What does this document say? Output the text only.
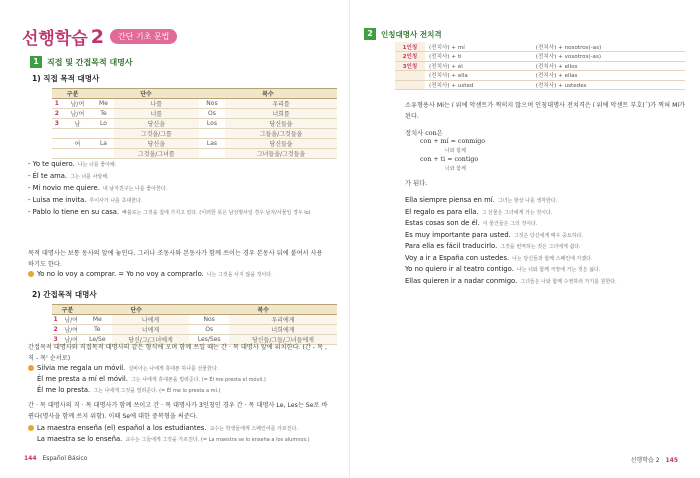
선행학습 2	간단 기초 문법
1	직접 및 간접목적 대명사
1) 직접 목적 대명사
구분		단수		복수	
1	남/여	Me	나를	Nos	우리를
2	남/여	Te	너를	Os	너희를
3	남	Lo	당신을	Los	당신들을
			그것을/그를		그들을/그것들을
	여	La	당신을	Las	당신들을
			그것을/그녀를		그녀들을/그것들을
- Yo te quiero. 나는 너를 좋아해.
- Él te ama. 그는 너를 사랑해.
- Mi novio me quiere. 내 남자친구는 나를 좋아한다.
- Luisa me invita. 루이사가 나를 초대한다.
- Pablo lo tiene en su casa. 빠블로는 그것을 집에 가지고 있다. (이러한 뜻은 남성명사일 경우 남자/사물일 경우 lo)
목적 대명사는 보통 동사의 앞에 놓인다. 그러나 조동사와 본동사가 함께 쓰이는 경우 본동사 뒤에 붙여서 사용하기도 한다.
Yo no lo voy a comprar. = Yo no voy a comprarlo. 나는 그것을 사지 않을 것이다.
2) 간접목적 대명사
구분		단수		복수	
1	남/여	Me	나에게	Nos	우리에게
2	남/여	Te	너에게	Os	너희에게
3	남/여	Le/Se	당신/그/그녀에게	Les/Ses	당신들/그들/그녀들에게
간접목적 대명사와 직접목적 대명사의 같은 형식에 오며 함께 쓰일 때는 간 · 목 대명사 앞에 위치한다. (간 - 목 , 직 - 목' 순서로)
Silvia me regala un móvil. 실비아는 나에게 휴대폰 하나를 선물한다.
Él me presta a mí el móvil. 그는 나에게 휴대폰을 빌려준다. (= Él me presta el móvil.)
Él me lo presta. 그는 나에게 그것을 빌려준다. (= Él me lo presta a mí.)
간 · 목 대명사의 직 · 목 대명사가 함께 쓰이고 간 · 목 대명사가 3인칭인 경우 간 · 목 대명사 Le, Les는 Se로 바뀐다(명사을 함께 쓰지 위함). 이때 Se에 대한 중복형을 써준다.
La maestra enseña (el) español a los estudiantes. 교수는 학생들에게 스페인어를 가르친다.
La maestra se lo enseña. 교수는 그들에게 그것을 가르친다. (= La maestra se lo enseña a los alumnos.)
144 Español Básico
2	인칭대명사 전치격
1인칭	(전치사) + mí	(전치사) + nosotros(-as)
2인칭	(전치사) + ti	(전치사) + vosotros(-as)
3인칭	(전치사) + él	(전치사) + ellos
	(전치사) + ella	(전치사) + ellas
	(전치사) + usted	(전치사) + ustedes
소유형용사 Mi는 í 위에 악센트가 찍히지 않으며 인칭대명사 전치격은 í 위에 악센트 부호(´)가 찍혀 Mí가 된다.
정치사 con은
con + mí = conmigo
나와 함께
con + ti = contigo
너와 함께
가 된다.
Ella siempre piensa en mí. 그녀는 항상 나를 생각한다.
El regalo es para ella. 그 선물은 그녀에게 가는 것이다.
Estas cosas son de él. 이 물건들은 그의 것이다.
Es muy importante para usted. 그것은 당신에게 매우 중요하다.
Para ella es fácil traducirlo. 그것을 번역하는 것은 그녀에게 쉽다.
Voy a ir a España con ustedes. 나는 당신들과 함께 스페인에 가겠다.
Yo no quiero ir al teatro contigo. 나는 너와 함께 극장에 가는 것은 싫다.
Ellas quieren ir a nadar conmigo. 그녀들은 나와 함께 수영하러 가기를 원한다.
선행학습 2 145
